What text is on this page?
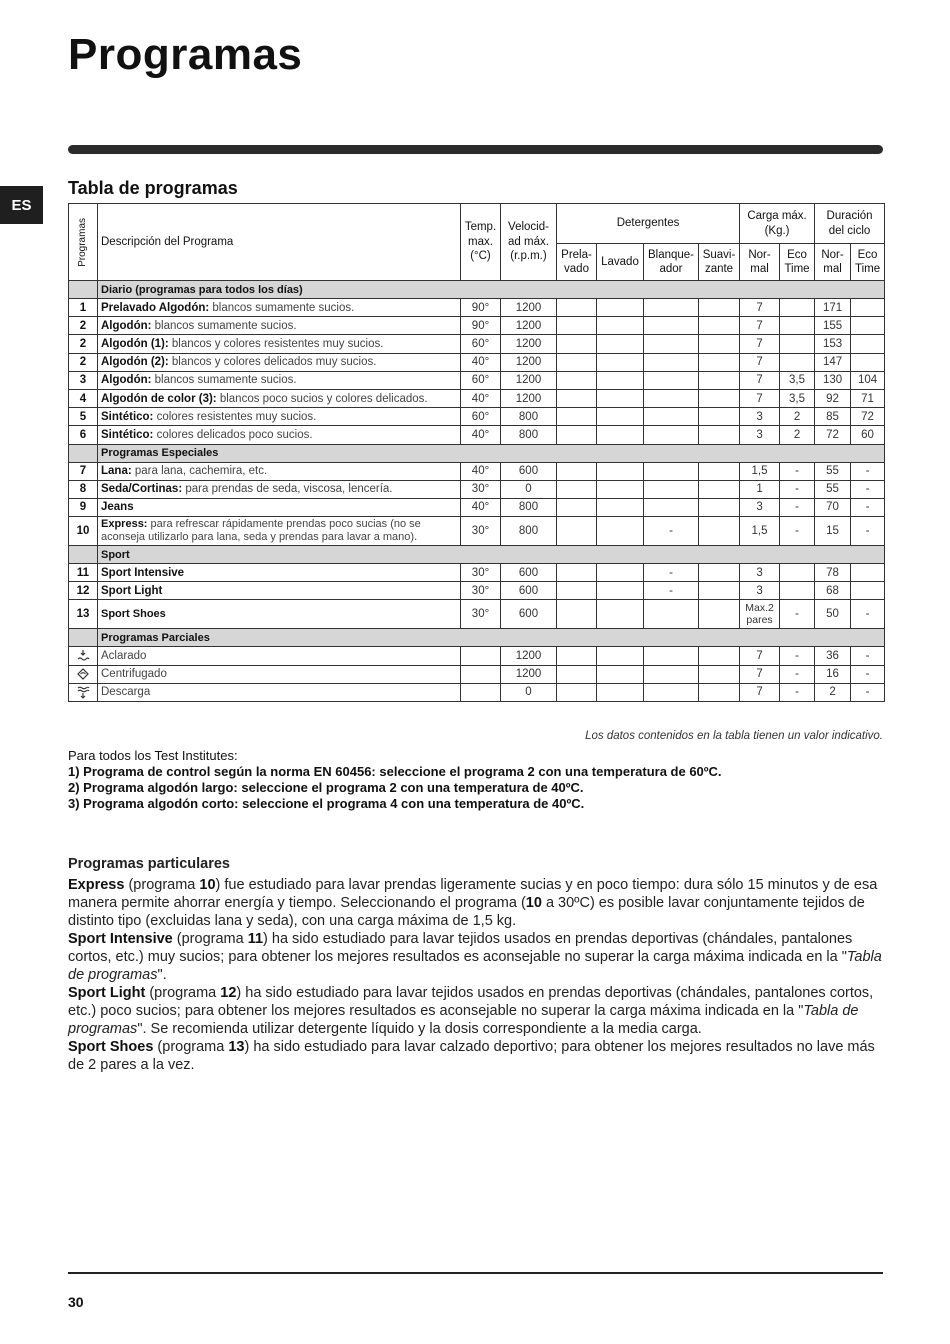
Programas
ES
Tabla de programas
Programas	Descripción del Programa	Temp. max. (°C)	Velocid-ad máx. (r.p.m.)	Detergentes				Carga máx. (Kg.)		Duración del ciclo	
				Prela-vado	Lavado	Blanque-ador	Suavi-zante	Nor-mal	Eco Time	Nor-mal	Eco Time
	Diario (programas para todos los días)										
1	Prelavado Algodón: blancos sumamente sucios.	90°	1200					7		171	
2	Algodón: blancos sumamente sucios.	90°	1200					7		155	
2	Algodón (1): blancos y colores resistentes muy sucios.	60°	1200					7		153	
2	Algodón (2): blancos y colores delicados muy sucios.	40°	1200					7		147	
3	Algodón: blancos sumamente sucios.	60°	1200					7	3,5	130	104
4	Algodón de color (3): blancos poco sucios y colores delicados.	40°	1200					7	3,5	92	71
5	Sintético: colores resistentes muy sucios.	60°	800					3	2	85	72
6	Sintético: colores delicados poco sucios.	40°	800					3	2	72	60
	Programas Especiales										
7	Lana: para lana, cachemira, etc.	40°	600					1,5	-	55	-
8	Seda/Cortinas: para prendas de seda, viscosa, lencería.	30°	0					1	-	55	-
9	Jeans	40°	800					3	-	70	-
10	Express: para refrescar rápidamente prendas poco sucias (no se aconseja utilizarlo para lana, seda y prendas para lavar a mano).	30°	800			-		1,5	-	15	-
	Sport										
11	Sport Intensive	30°	600			-		3		78	
12	Sport Light	30°	600			-		3		68	
13	Sport Shoes	30°	600					Max.2 pares	-	50	-
	Programas Parciales										

	Aclarado		1200					7	-	36	-

	Centrifugado		1200					7	-	16	-

	Descarga		0					7	-	2	-
Los datos contenidos en la tabla tienen un valor indicativo.
Para todos los Test Institutes:
1) Programa de control según la norma EN 60456: seleccione el programa 2 con una temperatura de 60ºC.
2) Programa algodón largo: seleccione el programa 2 con una temperatura de 40ºC.
3) Programa algodón corto: seleccione el programa 4 con una temperatura de 40ºC.
Programas particulares

Express (programa 10) fue estudiado para lavar prendas ligeramente sucias y en poco tiempo: dura sólo 15 minutos y de esa manera permite ahorrar energía y tiempo. Seleccionando el programa (10 a 30ºC) es posible lavar conjuntamente tejidos de distinto tipo (excluidas lana y seda), con una carga máxima de 1,5 kg.

Sport Intensive (programa 11) ha sido estudiado para lavar tejidos usados en prendas deportivas (chándales, pantalones cortos, etc.) muy sucios; para obtener los mejores resultados es aconsejable no superar la carga máxima indicada en la "Tabla de programas".

Sport Light (programa 12) ha sido estudiado para lavar tejidos usados en prendas deportivas (chándales, pantalones cortos, etc.) poco sucios; para obtener los mejores resultados es aconsejable no superar la carga máxima indicada en la "Tabla de programas". Se recomienda utilizar detergente líquido y la dosis correspondiente a la media carga.

Sport Shoes (programa 13) ha sido estudiado para lavar calzado deportivo; para obtener los mejores resultados no lave más de 2 pares a la vez.

30
